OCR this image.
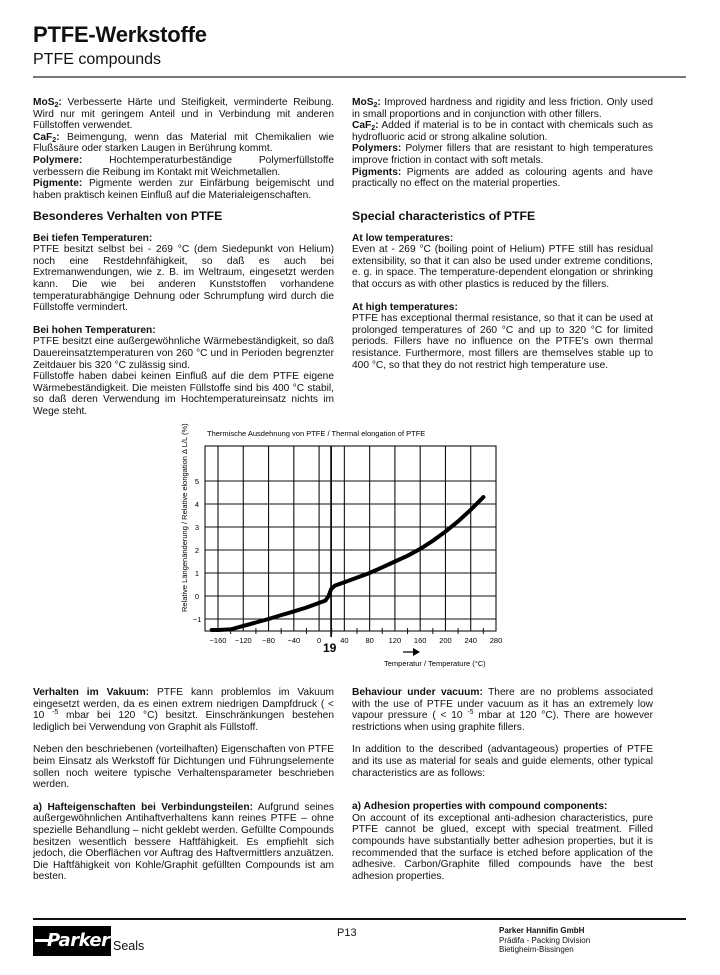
PTFE-Werkstoffe
PTFE compounds

MoS$_2$: Verbesserte Härte und Steifigkeit, verminderte Reibung. Wird nur mit geringem Anteil und in Verbindung mit anderen Füllstoffen verwendet.

CaF$_2$: Beimengung, wenn das Material mit Chemikalien wie Flußsäure oder starken Laugen in Berührung kommt.

Polymere: Hochtemperaturbeständige Polymerfüllstoffe verbessern die Reibung im Kontakt mit Weichmetallen.

Pigmente: Pigmente werden zur Einfärbung beigemischt und haben praktisch keinen Einfluß auf die Materialeigenschaften.

MoS$_2$: Improved hardness and rigidity and less friction. Only used in small proportions and in conjunction with other fillers.

CaF$_2$: Added if material is to be in contact with chemicals such as hydrofluoric acid or strong alkaline solution.

Polymers: Polymer fillers that are resistant to high temperatures improve friction in contact with soft metals.

Pigments: Pigments are added as colouring agents and have practically no effect on the material properties.

Besonderes Verhalten von PTFE

Bei tiefen Temperaturen:

PTFE besitzt selbst bei - 269 °C (dem Siedepunkt von Helium) noch eine Restdehnfähigkeit, so daß es auch bei Extremanwendungen, wie z. B. im Weltraum, eingesetzt werden kann. Die wie bei anderen Kunststoffen vorhandene temperaturabhängige Dehnung oder Schrumpfung wird durch die Füllstoffe vermindert.

Bei hohen Temperaturen:

PTFE besitzt eine außergewöhnliche Wärmebeständigkeit, so daß Dauereinsatztemperaturen von 260 °C und in Perioden begrenzter Zeitdauer bis 320 °C zulässig sind.

Füllstoffe haben dabei keinen Einfluß auf die dem PTFE eigene Wärmebeständigkeit. Die meisten Füllstoffe sind bis 400 °C stabil, so daß deren Verwendung im Hochtemperatureinsatz nichts im Wege steht.

Special characteristics of PTFE

At low temperatures:

Even at - 269 °C (boiling point of Helium) PTFE still has residual extensibility, so that it can also be used under extreme conditions, e. g. in space. The temperature-dependent elongation or shrinking that occurs as with other plastics is reduced by the fillers.

At high temperatures:

PTFE has exceptional thermal resistance, so that it can be used at prolonged temperatures of 260 °C and up to 320 °C for limited periods. Fillers have no influence on the PTFE's own thermal resistance. Furthermore, most fillers are themselves stable up to 400 °C, so that they do not restrict high temperature use.

Thermische Ausdehnung von PTFE / Thermal elongation of PTFE
Relative Längenänderung / Relative elongation Δ L/L (%)
−1
0
1
2
3
4
5
−160 −120 −80 −40 0	40 80 120 160 200 240 280
19
Temperatur / Temperature (°C)

Verhalten im Vakuum: PTFE kann problemlos im Vakuum eingesetzt werden, da es einen extrem niedrigen Dampfdruck ( < 10 $^{-5}$ mbar bei 120 °C) besitzt. Einschränkungen bestehen lediglich bei Verwendung von Graphit als Füllstoff.

Neben den beschriebenen (vorteilhaften) Eigenschaften von PTFE beim Einsatz als Werkstoff für Dichtungen und Führungselemente sollen noch weitere typische Verhaltensparameter beschrieben werden.

a) Hafteigenschaften bei Verbindungsteilen: Aufgrund seines außergewöhnlichen Antihaftverhaltens kann reines PTFE – ohne spezielle Behandlung – nicht geklebt werden. Gefüllte Compounds besitzen wesentlich bessere Haftfähigkeit. Es empfiehlt sich jedoch, die Oberflächen vor Auftrag des Haftvermittlers anzuätzen. Die Haftfähigkeit von Kohle/Graphit gefüllten Compounds ist am besten.

Behaviour under vacuum: There are no problems associated with the use of PTFE under vacuum as it has an extremely low vapour pressure ( < 10 $^{-5}$ mbar at 120 °C). There are however restrictions when using graphite fillers.

In addition to the described (advantageous) properties of PTFE and its use as material for seals and guide elements, other typical characteristics are as follows:

a) Adhesion properties with compound components:

On account of its exceptional anti-adhesion characteristics, pure PTFE cannot be glued, except with special treatment. Filled compounds have substantially better adhesion properties, but it is recommended that the surface is etched before application of the adhesive. Carbon/Graphite filled compounds have the best adhesion properties.

Parker Seals
P13	Parker Hannifin GmbH
Prädifa - Packing Division
Bietigheim-Bissingen
